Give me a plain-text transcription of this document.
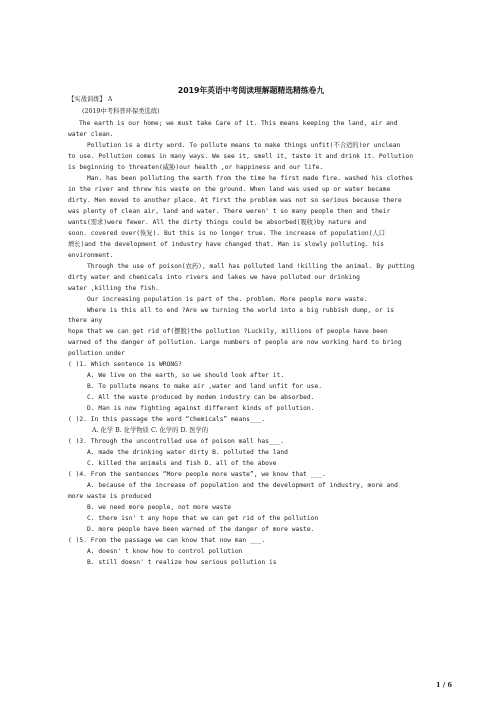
2019年英语中考阅读理解题精选精练卷九
【实战训练】 A
(2019中考科普环保类选练)
The earth is our home; we must take Care of it. This means keeping the land, air and
water clean.
Pollution is a dirty word. To pollute means to make things unfit(不合适的)or unclean
to use. Pollution comes in many ways. We see it, smell it, taste it and drink it. Pollution
is beginning to threaten(威胁)our health ,or happiness and our life.
Man. has been polluting the earth from the time he first made fire. washed his clothes
in the river and threw his waste on the ground. When land was used up or water became
dirty. Men moved to another place. At first the problem was not so serious because there
was plenty of clean air, land and water. There weren' t so many people then and their
wants(需求)were fewer. All the dirty things could be absorbed(吸收)by nature and
soon. covered over(恢复). But this is no longer true. The increase of population(人口
增长)and the development of industry have changed that. Man is slowly polluting. his
environment.
Through the use of poison(农药), mall has polluted land !killing the animal. By putting
dirty water and chemicals into rivers and lakes we have polluted our drinking
water ,killing the fish.
Our increasing population is part of the. problem. More people more waste.
Where is this all to end ?Are we turning the world into a big rubbish dump, or is
there any
hope that we can get rid of(摆脱)the pollution ?Luckily, millions of people have been
warned of the danger of pollution. Large numbers of people are now working hard to bring
pollution under
( )1. Which sentence is WRONG?
A. We live on the earth, so we should look after it.
B. To pollute means to make air ,water and land unfit for use.
C. All the waste produced by modem industry can be absorbed.
D. Man is now fighting against different kinds of pollution.
( )2. In this passage the word “chemicals” means___.
A. 化学 B. 化学物质 C. 化学的 D. 医学的
( )3. Through the uncontrolled use of poison mall has___.
A. made the drinking water dirty B. polluted the land
C. killed the animals and fish D. all of the above
( )4. From the sentences “More people more waste”, we know that ___.
A. because of the increase of population and the development of industry, more and
more waste is produced
B. we need more people, not more waste
C. there isn' t any hope that we can get rid of the pollution
D. more people have been warned of the danger of more waste.
( )5. From the passage we can know that now man ___.
A. doesn' t know how to control pollution
B. still doesn' t realize how serious pollution is
1 / 6
